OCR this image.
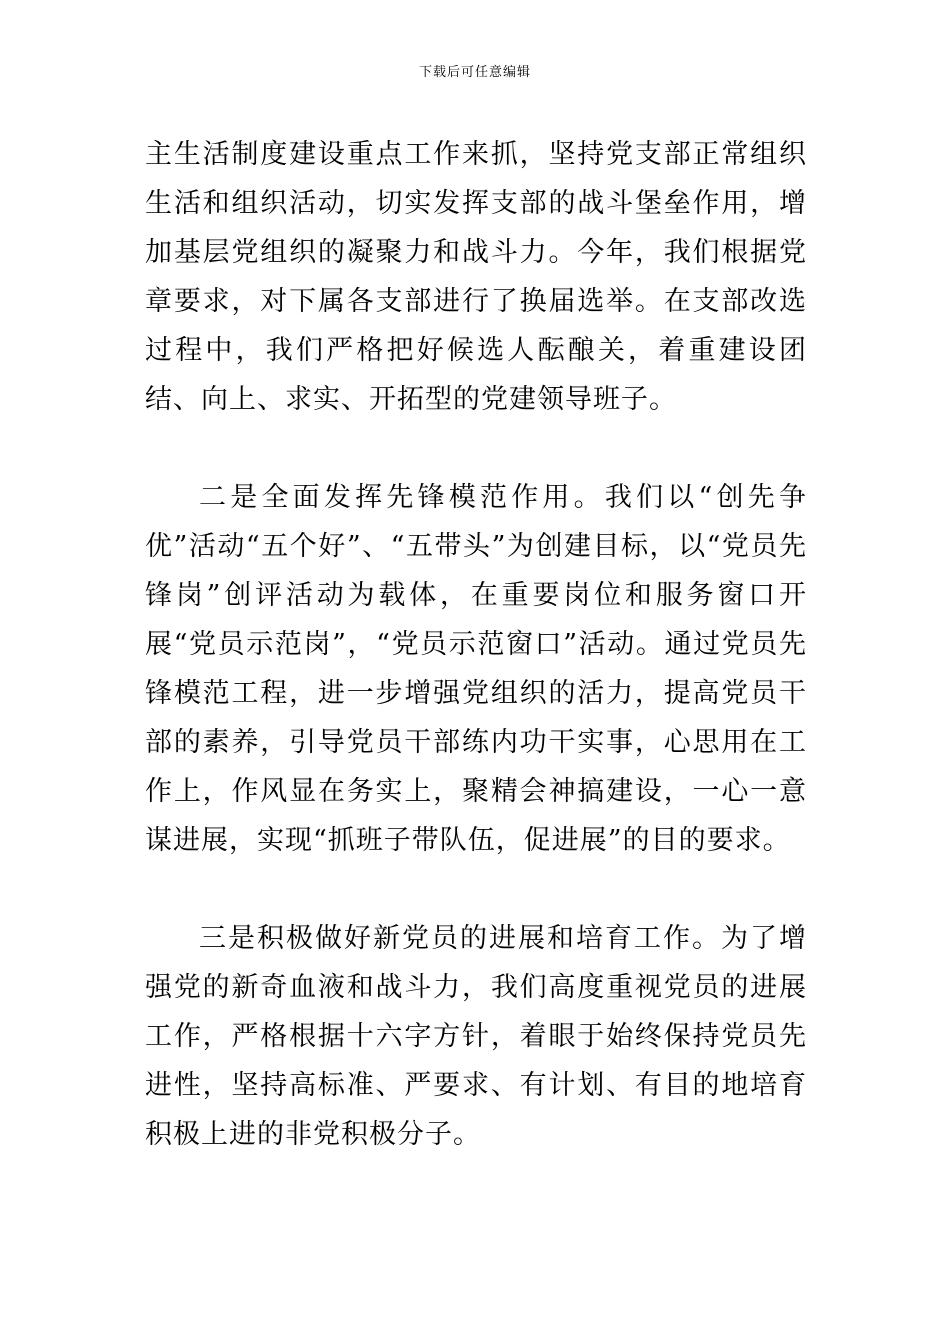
下载后可任意编辑

主生活制度建设重点工作来抓，坚持党支部正常组织生活和组织活动，切实发挥支部的战斗堡垒作用，增加基层党组织的凝聚力和战斗力。今年，我们根据党章要求，对下属各支部进行了换届选举。在支部改选过程中，我们严格把好候选人酝酿关，着重建设团结、向上、求实、开拓型的党建领导班子。

二是全面发挥先锋模范作用。我们以“创先争优”活动“五个好”、“五带头”为创建目标，以“党员先锋岗”创评活动为载体，在重要岗位和服务窗口开展“党员示范岗”，“党员示范窗口”活动。通过党员先锋模范工程，进一步增强党组织的活力，提高党员干部的素养，引导党员干部练内功干实事，心思用在工作上，作风显在务实上，聚精会神搞建设，一心一意谋进展，实现“抓班子带队伍，促进展”的目的要求。

三是积极做好新党员的进展和培育工作。为了增强党的新奇血液和战斗力，我们高度重视党员的进展工作，严格根据十六字方针，着眼于始终保持党员先进性，坚持高标准、严要求、有计划、有目的地培育积极上进的非党积极分子。
